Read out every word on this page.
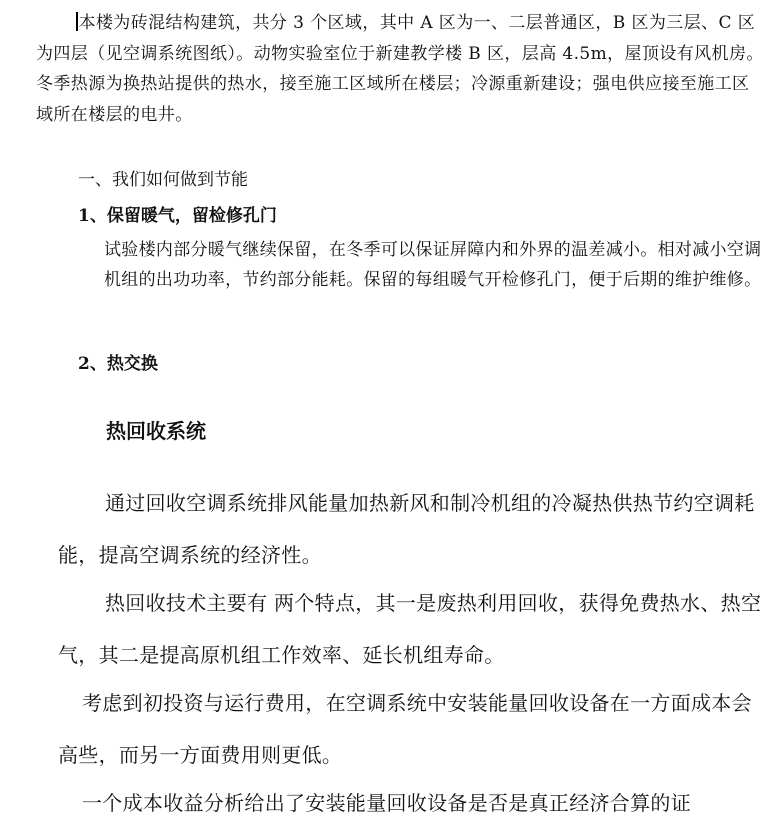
本楼为砖混结构建筑，共分 3 个区域，其中 A 区为一、二层普通区，B 区为三层、C 区为四层（见空调系统图纸）。动物实验室位于新建教学楼 B 区，层高 4.5m，屋顶设有风机房。冬季热源为换热站提供的热水，接至施工区域所在楼层；冷源重新建设；强电供应接至施工区域所在楼层的电井。

一、我们如何做到节能

1、保留暖气，留检修孔门

试验楼内部分暖气继续保留，在冬季可以保证屏障内和外界的温差减小。相对减小空调机组的出功功率，节约部分能耗。保留的每组暖气开检修孔门，便于后期的维护维修。

2、热交换

热回收系统

通过回收空调系统排风能量加热新风和制冷机组的冷凝热供热节约空调耗能，提高空调系统的经济性。

热回收技术主要有 两个特点，其一是废热利用回收，获得免费热水、热空气，其二是提高原机组工作效率、延长机组寿命。

考虑到初投资与运行费用，在空调系统中安装能量回收设备在一方面成本会高些，而另一方面费用则更低。

一个成本收益分析给出了安装能量回收设备是否是真正经济合算的证
